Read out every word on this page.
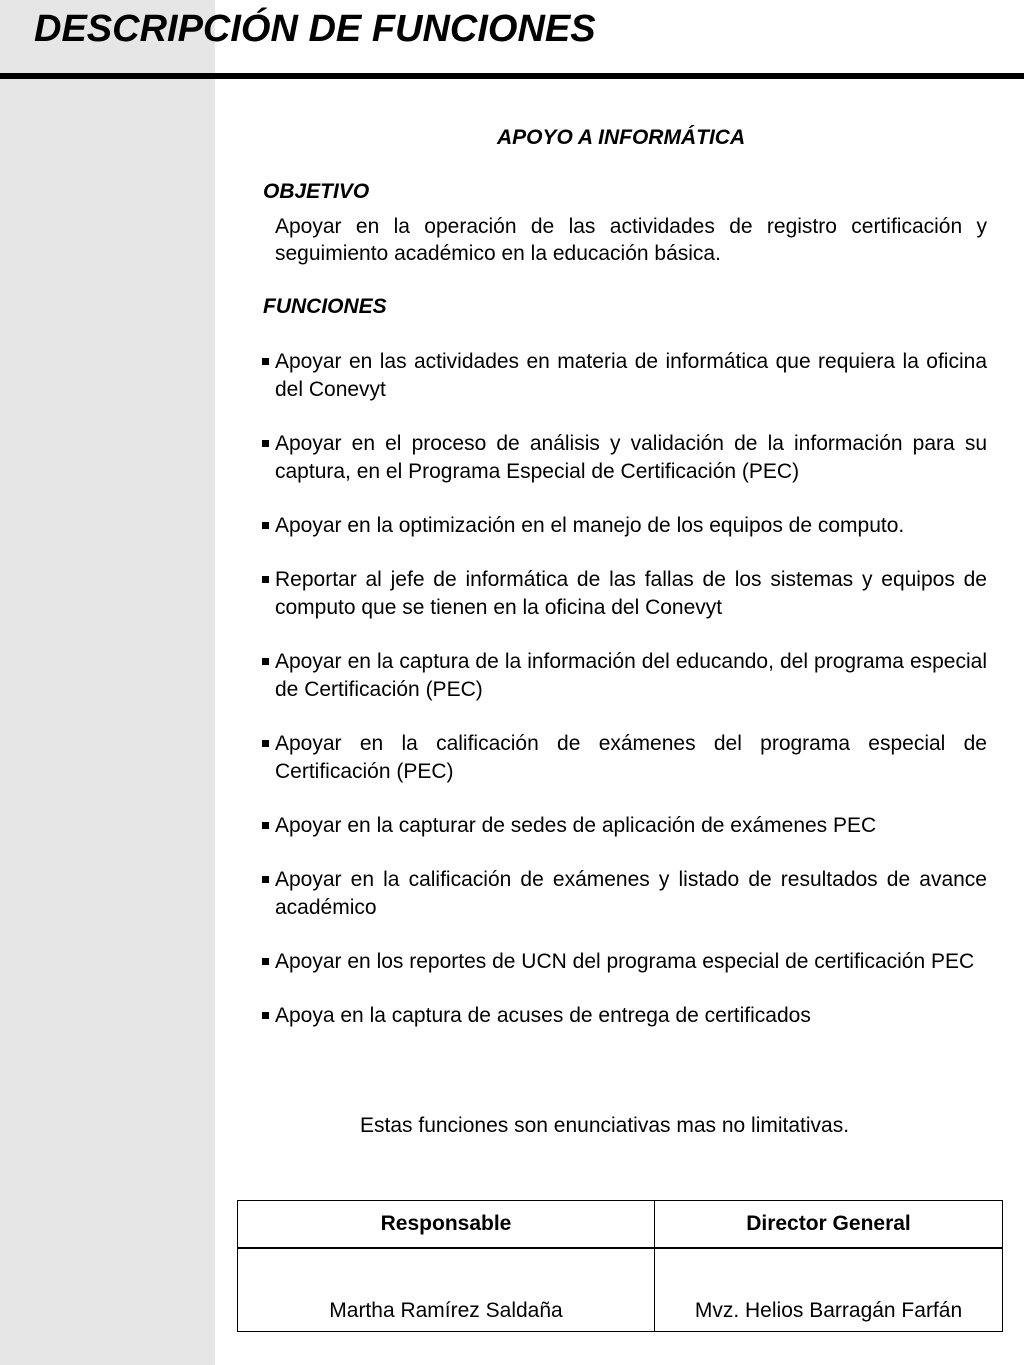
DESCRIPCIÓN DE FUNCIONES
APOYO A INFORMÁTICA
OBJETIVO
Apoyar en la operación de las actividades de registro certificación y seguimiento académico en la educación básica.
FUNCIONES
Apoyar en las actividades en materia de informática que requiera la oficina del Conevyt
Apoyar en el proceso de análisis y validación de la información para su captura, en el Programa Especial de Certificación (PEC)
Apoyar en la optimización en el manejo de los equipos de computo.
Reportar al jefe de informática de las fallas de los sistemas y equipos de computo que se tienen en la oficina del Conevyt
Apoyar en la captura de la información del educando, del programa especial de Certificación (PEC)
Apoyar en la calificación de exámenes del programa especial de Certificación (PEC)
Apoyar en la capturar de sedes de aplicación de exámenes PEC
Apoyar en la calificación de exámenes y listado de resultados de avance académico
Apoyar en los reportes de UCN del programa especial de certificación PEC
Apoya en la captura de acuses de entrega de certificados
Estas funciones son enunciativas mas no limitativas.
Responsable	Director General
Martha Ramírez Saldaña	Mvz. Helios Barragán Farfán
